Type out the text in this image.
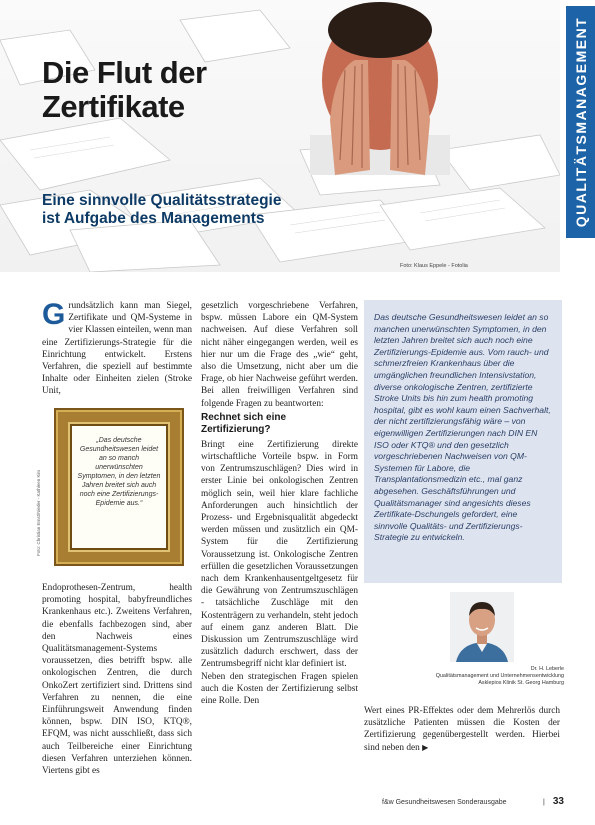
Die Flut der
Zertifikate
Eine sinnvolle Qualitätsstrategie
ist Aufgabe des Managements
Foto: Klaus Eppele - Fotolia
QUALITÄTSMANAGEMENT

Grundsätzlich kann man Siegel, Zertifikate und QM-Systeme in vier Klassen einteilen, wenn man eine Zertifizierungs-Strategie für die Einrichtung entwickelt. Erstens Verfahren, die speziell auf bestimmte Inhalte oder Einheiten zielen (Stroke Unit,

„Das deutsche Gesundheitswesen leidet an so manch unerwünschten Symptomen, in den letzten Jahren breitet sich auch noch eine Zertifizierungs-Epidemie aus.“
Foto: Christian Ernst/Nieder - Kathleen Kirs

Endoprothesen-Zentrum, health promoting hospital, babyfreundliches Krankenhaus etc.). Zweitens Verfahren, die ebenfalls fachbezogen sind, aber den Nachweis eines Qualitätsmanagement-Systems voraussetzen, dies betrifft bspw. alle onkologischen Zentren, die durch OnkoZert zertifiziert sind. Drittens sind Verfahren zu nennen, die eine Einführungsweit Anwendung finden können, bspw. DIN ISO, KTQ®, EFQM, was nicht ausschließt, dass sich auch Teilbereiche einer Einrichtung diesen Verfahren unterziehen können. Viertens gibt es

gesetzlich vorgeschriebene Verfahren, bspw. müssen Labore ein QM-System nachweisen. Auf diese Verfahren soll nicht näher eingegangen werden, weil es hier nur um die Frage des „wie“ geht, also die Umsetzung, nicht aber um die Frage, ob hier Nachweise geführt werden. Bei allen freiwilligen Verfahren sind folgende Fragen zu beantworten:

Rechnet sich eine
Zertifizierung?

Bringt eine Zertifizierung direkte wirtschaftliche Vorteile bspw. in Form von Zentrumszuschlägen? Dies wird in erster Linie bei onkologischen Zentren möglich sein, weil hier klare fachliche Anforderungen auch hinsichtlich der Prozess- und Ergebnisqualität abgedeckt werden müssen und zusätzlich ein QM-System für die Zertifizierung Voraussetzung ist. Onkologische Zentren erfüllen die gesetzlichen Voraussetzungen nach dem Krankenhausentgeltgesetz für die Gewährung von Zentrumszuschlägen - tatsächliche Zuschläge mit den Kostenträgern zu verhandeln, steht jedoch auf einem ganz anderen Blatt. Die Diskussion um Zentrumszuschläge wird zusätzlich dadurch erschwert, dass der Zentrumsbegriff nicht klar definiert ist.

Neben den strategischen Fragen spielen auch die Kosten der Zertifizierung selbst eine Rolle. Den

Das deutsche Gesundheitswesen leidet an so manchen unerwünschten Symptomen, in den letzten Jahren breitet sich auch noch eine Zertifizierungs-Epidemie aus. Vom rauch- und schmerzfreien Krankenhaus über die umgänglichen freundlichen Intensivstation, diverse onkologische Zentren, zertifizierte Stroke Units bis hin zum health promoting hospital, gibt es wohl kaum einen Sachverhalt, der nicht zertifizierungsfähig wäre – von eigenwilligen Zertifizierungen nach DIN EN ISO oder KTQ® und den gesetzlich vorgeschriebenen Nachweisen von QM-Systemen für Labore, die Transplantationsmedizin etc., mal ganz abgesehen. Geschäftsführungen und Qualitätsmanager sind angesichts dieses Zertifikate-Dschungels gefordert, eine sinnvolle Qualitäts- und Zertifizierungs-Strategie zu entwickeln.

Dr. H. Leberle
Qualitätsmanagement und Unternehmensentwicklung
Asklepios Klinik St. Georg Hamburg

Wert eines PR-Effektes oder dem Mehrerlös durch zusätzliche Patienten müssen die Kosten der Zertifizierung gegenübergestellt werden. Hierbei sind neben den ▶

f&w Gesundheitswesen Sonderausgabe	| 33
